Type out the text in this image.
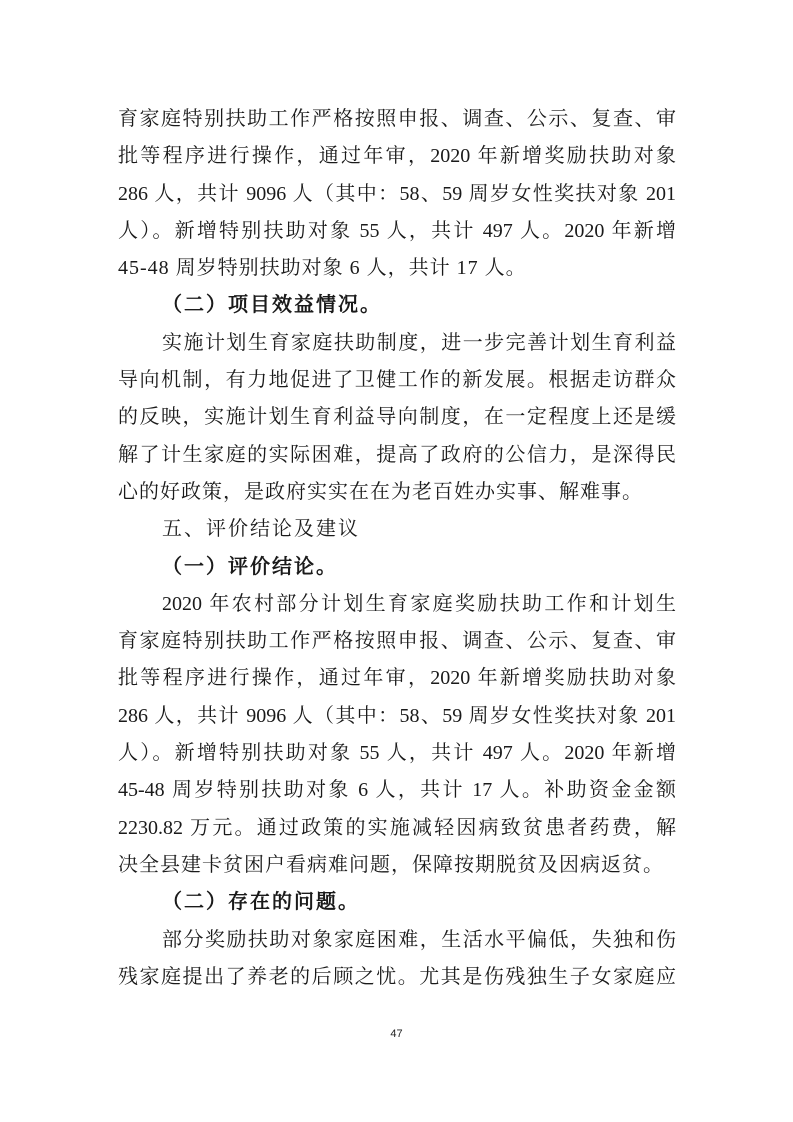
育家庭特别扶助工作严格按照申报、调查、公示、复查、审
批等程序进行操作，通过年审，2020 年新增奖励扶助对象
286 人，共计 9096 人（其中：58、59 周岁女性奖扶对象 201
人）。新增特别扶助对象 55 人，共计 497 人。2020 年新增
45-48 周岁特别扶助对象 6 人，共计 17 人。
（二）项目效益情况。
实施计划生育家庭扶助制度，进一步完善计划生育利益
导向机制，有力地促进了卫健工作的新发展。根据走访群众
的反映，实施计划生育利益导向制度，在一定程度上还是缓
解了计生家庭的实际困难，提高了政府的公信力，是深得民
心的好政策，是政府实实在在为老百姓办实事、解难事。
五、评价结论及建议
（一）评价结论。
2020 年农村部分计划生育家庭奖励扶助工作和计划生
育家庭特别扶助工作严格按照申报、调查、公示、复查、审
批等程序进行操作，通过年审，2020 年新增奖励扶助对象
286 人，共计 9096 人（其中：58、59 周岁女性奖扶对象 201
人）。新增特别扶助对象 55 人，共计 497 人。2020 年新增
45-48 周岁特别扶助对象 6 人，共计 17 人。补助资金金额
2230.82 万元。通过政策的实施减轻因病致贫患者药费，解
决全县建卡贫困户看病难问题，保障按期脱贫及因病返贫。
（二）存在的问题。
部分奖励扶助对象家庭困难，生活水平偏低，失独和伤
残家庭提出了养老的后顾之忧。尤其是伤残独生子女家庭应
47
